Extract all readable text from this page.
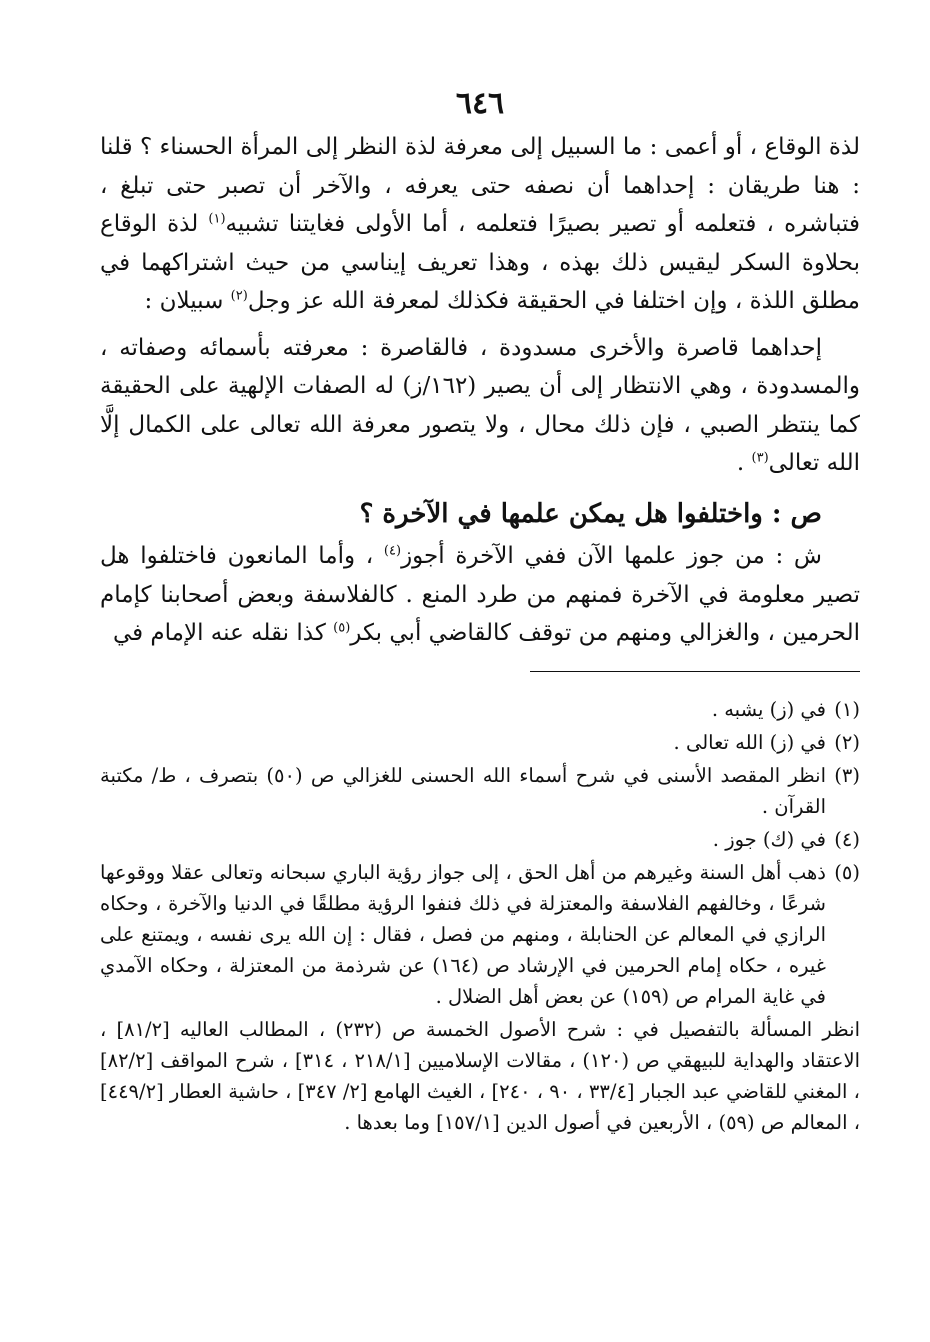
٦٤٦

لذة الوقاع ، أو أعمى : ما السبيل إلى معرفة لذة النظر إلى المرأة الحسناء ؟ قلنا : هنا طريقان : إحداهما أن نصفه حتى يعرفه ، والآخر أن تصبر حتى تبلغ ، فتباشره ، فتعلمه أو تصير بصيرًا فتعلمه ، أما الأولى فغايتنا تشبيه$^{(١)}$ لذة الوقاع بحلاوة السكر ليقيس ذلك بهذه ، وهذا تعريف إيناسي من حيث اشتراكهما في مطلق اللذة ، وإن اختلفا في الحقيقة فكذلك لمعرفة الله عز وجل$^{(٢)}$ سبيلان :

إحداهما قاصرة والأخرى مسدودة ، فالقاصرة : معرفته بأسمائه وصفاته ، والمسدودة ، وهي الانتظار إلى أن يصير (١٦٢/ز) له الصفات الإلهية على الحقيقة كما ينتظر الصبي ، فإن ذلك محال ، ولا يتصور معرفة الله تعالى على الكمال إلَّا الله تعالى$^{(٣)}$ .

ص : واختلفوا هل يمكن علمها في الآخرة ؟

ش : من جوز علمها الآن ففي الآخرة أجوز$^{(٤)}$ ، وأما المانعون فاختلفوا هل تصير معلومة في الآخرة فمنهم من طرد المنع . كالفلاسفة وبعض أصحابنا كإمام الحرمين ، والغزالي ومنهم من توقف كالقاضي أبي بكر$^{(٥)}$ كذا نقله عنه الإمام في

(١)
في (ز) يشبه .
(٢)
في (ز) الله تعالى .
(٣)
انظر المقصد الأسنى في شرح أسماء الله الحسنى للغزالي ص (٥٠) بتصرف ، ط/ مكتبة القرآن .
(٤)
في (ك) جوز .
(٥)
ذهب أهل السنة وغيرهم من أهل الحق ، إلى جواز رؤية الباري سبحانه وتعالى عقلا ووقوعها شرعًا ، وخالفهم الفلاسفة والمعتزلة في ذلك فنفوا الرؤية مطلقًا في الدنيا والآخرة ، وحكاه الرازي في المعالم عن الحنابلة ، ومنهم من فصل ، فقال : إن الله يرى نفسه ، ويمتنع على غيره ، حكاه إمام الحرمين في الإرشاد ص (١٦٤) عن شرذمة من المعتزلة ، وحكاه الآمدي في غاية المرام ص (١٥٩) عن بعض أهل الضلال .

انظر المسألة بالتفصيل في : شرح الأصول الخمسة ص (٢٣٢) ، المطالب العاليه [٨١/٢] ، الاعتقاد والهداية للبيهقي ص (١٢٠) ، مقالات الإسلاميين [٢١٨/١ ، ٣١٤] ، شرح المواقف [٨٢/٢] ، المغني للقاضي عبد الجبار [٣٣/٤ ، ٩٠ ، ٢٤٠] ، الغيث الهامع [٢/ ٣٤٧] ، حاشية العطار [٤٤٩/٢] ، المعالم ص (٥٩) ، الأربعين في أصول الدين [١٥٧/١] وما بعدها .
